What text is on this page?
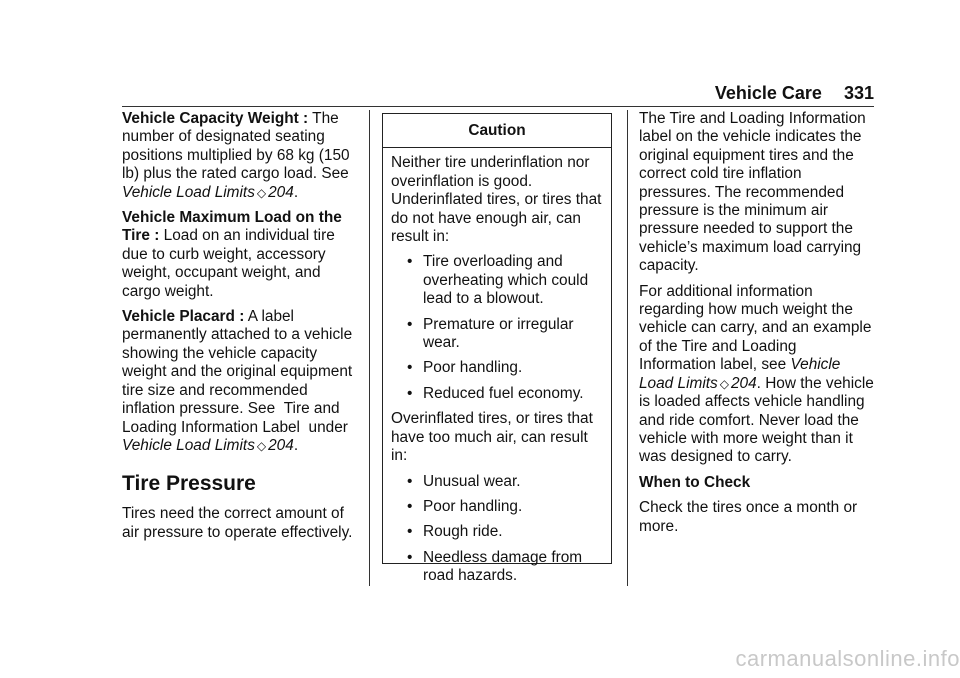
Vehicle Care 331

Vehicle Capacity Weight : The number of designated seating positions multiplied by 68 kg (150 lb) plus the rated cargo load. See Vehicle Load Limits ◇ 204.

Vehicle Maximum Load on the Tire : Load on an individual tire due to curb weight, accessory weight, occupant weight, and cargo weight.

Vehicle Placard : A label permanently attached to a vehicle showing the vehicle capacity weight and the original equipment tire size and recommended inflation pressure. See  Tire and Loading Information Label  under Vehicle Load Limits ◇ 204.

Tire Pressure

Tires need the correct amount of air pressure to operate effectively.

Caution

Neither tire underinflation nor overinflation is good. Underinflated tires, or tires that do not have enough air, can result in:

• Tire overloading and overheating which could lead to a blowout.
• Premature or irregular wear.
• Poor handling.
• Reduced fuel economy.

Overinflated tires, or tires that have too much air, can result in:

• Unusual wear.
• Poor handling.
• Rough ride.
• Needless damage from road hazards.

The Tire and Loading Information label on the vehicle indicates the original equipment tires and the correct cold tire inflation pressures. The recommended pressure is the minimum air pressure needed to support the vehicle’s maximum load carrying capacity.

For additional information regarding how much weight the vehicle can carry, and an example of the Tire and Loading Information label, see Vehicle Load Limits ◇ 204. How the vehicle is loaded affects vehicle handling and ride comfort. Never load the vehicle with more weight than it was designed to carry.

When to Check

Check the tires once a month or more.

carmanualsonline.info
